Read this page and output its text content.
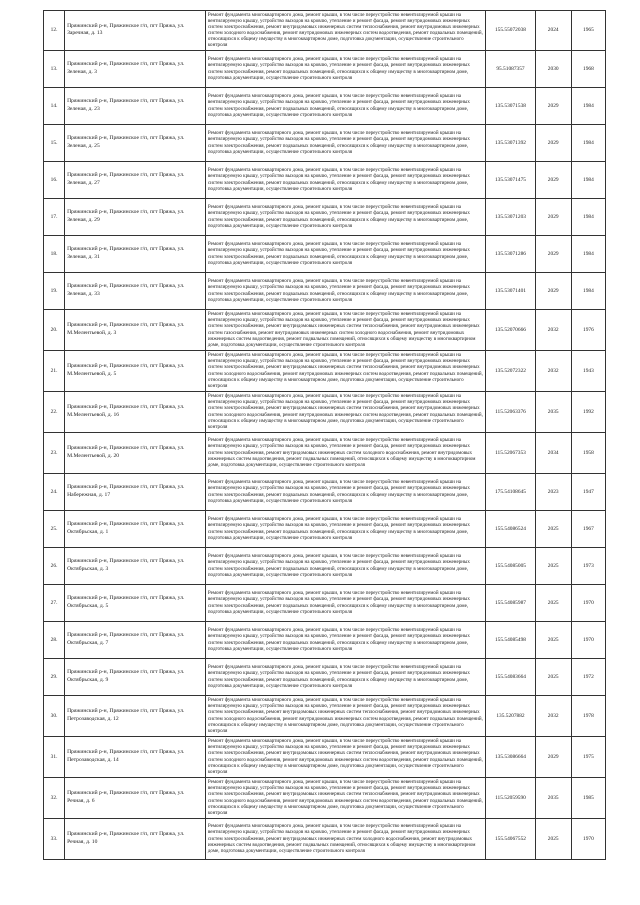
12.	Пряжинский р-н, Пряжинское г/п, пгт Пряжа, ул. Заречная, д. 13	Ремонт фундамента многоквартирного дома, ремонт крыши, в том числе переустройство невентилируемой крыши на вентилируемую крышу, устройство выходов на кровлю, утепление и ремонт фасада, ремонт внутридомовых инженерных систем электроснабжения, ремонт внутридомовых инженерных систем теплоснабжения, ремонт внутридомовых инженерных систем холодного водоснабжения, ремонт внутридомовых инженерных систем водоотведения, ремонт подвальных помещений, относящихся к общему имуществу в многоквартирном доме, подготовка документации, осуществление строительного контроля	155.55072038	2024	1965
13.	Пряжинский р-н, Пряжинское г/п, пгт Пряжа, ул. Зеленая, д. 3	Ремонт фундамента многоквартирного дома, ремонт крыши, в том числе переустройство невентилируемой крыши на вентилируемую крышу, устройство выходов на кровлю, утепление и ремонт фасада, ремонт внутридомовых инженерных систем электроснабжения, ремонт подвальных помещений, относящихся к общему имуществу в многоквартирном доме, подготовка документации, осуществление строительного контроля	95.51087357	2030	1968
14.	Пряжинский р-н, Пряжинское г/п, пгт Пряжа, ул. Зеленая, д. 23	Ремонт фундамента многоквартирного дома, ремонт крыши, в том числе переустройство невентилируемой крыши на вентилируемую крышу, устройство выходов на кровлю, утепление и ремонт фасада, ремонт внутридомовых инженерных систем электроснабжения, ремонт подвальных помещений, относящихся к общему имуществу в многоквартирном доме, подготовка документации, осуществление строительного контроля	135.53071538	2029	1984
15.	Пряжинский р-н, Пряжинское г/п, пгт Пряжа, ул. Зеленая, д. 25	Ремонт фундамента многоквартирного дома, ремонт крыши, в том числе переустройство невентилируемой крыши на вентилируемую крышу, устройство выходов на кровлю, утепление и ремонт фасада, ремонт внутридомовых инженерных систем электроснабжения, ремонт подвальных помещений, относящихся к общему имуществу в многоквартирном доме, подготовка документации, осуществление строительного контроля	135.53071392	2029	1984
16.	Пряжинский р-н, Пряжинское г/п, пгт Пряжа, ул. Зеленая, д. 27	Ремонт фундамента многоквартирного дома, ремонт крыши, в том числе переустройство невентилируемой крыши на вентилируемую крышу, устройство выходов на кровлю, утепление и ремонт фасада, ремонт внутридомовых инженерных систем электроснабжения, ремонт подвальных помещений, относящихся к общему имуществу в многоквартирном доме, подготовка документации, осуществление строительного контроля	135.53071475	2029	1984
17.	Пряжинский р-н, Пряжинское г/п, пгт Пряжа, ул. Зеленая, д. 29	Ремонт фундамента многоквартирного дома, ремонт крыши, в том числе переустройство невентилируемой крыши на вентилируемую крышу, устройство выходов на кровлю, утепление и ремонт фасада, ремонт внутридомовых инженерных систем электроснабжения, ремонт подвальных помещений, относящихся к общему имуществу в многоквартирном доме, подготовка документации, осуществление строительного контроля	135.53071203	2029	1984
18.	Пряжинский р-н, Пряжинское г/п, пгт Пряжа, ул. Зеленая, д. 31	Ремонт фундамента многоквартирного дома, ремонт крыши, в том числе переустройство невентилируемой крыши на вентилируемую крышу, устройство выходов на кровлю, утепление и ремонт фасада, ремонт внутридомовых инженерных систем электроснабжения, ремонт подвальных помещений, относящихся к общему имуществу в многоквартирном доме, подготовка документации, осуществление строительного контроля	135.53071286	2029	1984
19.	Пряжинский р-н, Пряжинское г/п, пгт Пряжа, ул. Зеленая, д. 33	Ремонт фундамента многоквартирного дома, ремонт крыши, в том числе переустройство невентилируемой крыши на вентилируемую крышу, устройство выходов на кровлю, утепление и ремонт фасада, ремонт внутридомовых инженерных систем электроснабжения, ремонт подвальных помещений, относящихся к общему имуществу в многоквартирном доме, подготовка документации, осуществление строительного контроля	135.53071401	2029	1984
20.	Пряжинский р-н, Пряжинское г/п, пгт Пряжа, ул. М.Мелентьевой, д. 3	Ремонт фундамента многоквартирного дома, ремонт крыши, в том числе переустройство невентилируемой крыши на вентилируемую крышу, устройство выходов на кровлю, утепление и ремонт фасада, ремонт внутридомовых инженерных систем электроснабжения, ремонт внутридомовых инженерных систем теплоснабжения, ремонт внутридомовых инженерных систем газоснабжения, ремонт внутридомовых инженерных систем холодного водоснабжения, ремонт внутридомовых инженерных систем водоотведения, ремонт подвальных помещений, относящихся к общему имуществу в многоквартирном доме, подготовка документации, осуществление строительного контроля	135.52070666	2032	1976
21.	Пряжинский р-н, Пряжинское г/п, пгт Пряжа, ул. М.Мелентьевой, д. 5	Ремонт фундамента многоквартирного дома, ремонт крыши, в том числе переустройство невентилируемой крыши на вентилируемую крышу, устройство выходов на кровлю, утепление и ремонт фасада, ремонт внутридомовых инженерных систем электроснабжения, ремонт внутридомовых инженерных систем теплоснабжения, ремонт внутридомовых инженерных систем холодного водоснабжения, ремонт внутридомовых инженерных систем водоотведения, ремонт подвальных помещений, относящихся к общему имуществу в многоквартирном доме, подготовка документации, осуществление строительного контроля	135.52072322	2032	1943
22.	Пряжинский р-н, Пряжинское г/п, пгт Пряжа, ул. М.Мелентьевой, д. 16	Ремонт фундамента многоквартирного дома, ремонт крыши, в том числе переустройство невентилируемой крыши на вентилируемую крышу, устройство выходов на кровлю, утепление и ремонт фасада, ремонт внутридомовых инженерных систем электроснабжения, ремонт внутридомовых инженерных систем теплоснабжения, ремонт внутридомовых инженерных систем холодного водоснабжения, ремонт внутридомовых инженерных систем водоотведения, ремонт подвальных помещений, относящихся к общему имуществу в многоквартирном доме, подготовка документации, осуществление строительного контроля	115.52063376	2035	1992
23.	Пряжинский р-н, Пряжинское г/п, пгт Пряжа, ул. М.Мелентьевой, д. 20	Ремонт фундамента многоквартирного дома, ремонт крыши, в том числе переустройство невентилируемой крыши на вентилируемую крышу, устройство выходов на кровлю, утепление и ремонт фасада, ремонт внутридомовых инженерных систем электроснабжения, ремонт внутридомовых инженерных систем холодного водоснабжения, ремонт внутридомовых инженерных систем водоотведения, ремонт подвальных помещений, относящихся к общему имуществу в многоквартирном доме, подготовка документации, осуществление строительного контроля	115.52067353	2034	1958
24.	Пряжинский р-н, Пряжинское г/п, пгт Пряжа, ул. Набережная, д. 17	Ремонт фундамента многоквартирного дома, ремонт крыши, в том числе переустройство невентилируемой крыши на вентилируемую крышу, устройство выходов на кровлю, утепление и ремонт фасада, ремонт внутридомовых инженерных систем электроснабжения, ремонт подвальных помещений, относящихся к общему имуществу в многоквартирном доме, подготовка документации, осуществление строительного контроля	175.54108645	2023	1947
25.	Пряжинский р-н, Пряжинское г/п, пгт Пряжа, ул. Октябрьская, д. 1	Ремонт фундамента многоквартирного дома, ремонт крыши, в том числе переустройство невентилируемой крыши на вентилируемую крышу, устройство выходов на кровлю, утепление и ремонт фасада, ремонт внутридомовых инженерных систем электроснабжения, ремонт подвальных помещений, относящихся к общему имуществу в многоквартирном доме, подготовка документации, осуществление строительного контроля	155.54086524	2025	1967
26.	Пряжинский р-н, Пряжинское г/п, пгт Пряжа, ул. Октябрьская, д. 3	Ремонт фундамента многоквартирного дома, ремонт крыши, в том числе переустройство невентилируемой крыши на вентилируемую крышу, устройство выходов на кровлю, утепление и ремонт фасада, ремонт внутридомовых инженерных систем электроснабжения, ремонт подвальных помещений, относящихся к общему имуществу в многоквартирном доме, подготовка документации, осуществление строительного контроля	155.54085005	2025	1973
27.	Пряжинский р-н, Пряжинское г/п, пгт Пряжа, ул. Октябрьская, д. 5	Ремонт фундамента многоквартирного дома, ремонт крыши, в том числе переустройство невентилируемой крыши на вентилируемую крышу, устройство выходов на кровлю, утепление и ремонт фасада, ремонт внутридомовых инженерных систем электроснабжения, ремонт подвальных помещений, относящихся к общему имуществу в многоквартирном доме, подготовка документации, осуществление строительного контроля	155.54085987	2025	1970
28.	Пряжинский р-н, Пряжинское г/п, пгт Пряжа, ул. Октябрьская, д. 7	Ремонт фундамента многоквартирного дома, ремонт крыши, в том числе переустройство невентилируемой крыши на вентилируемую крышу, устройство выходов на кровлю, утепление и ремонт фасада, ремонт внутридомовых инженерных систем электроснабжения, ремонт подвальных помещений, относящихся к общему имуществу в многоквартирном доме, подготовка документации, осуществление строительного контроля	155.54085498	2025	1970
29.	Пряжинский р-н, Пряжинское г/п, пгт Пряжа, ул. Октябрьская, д. 9	Ремонт фундамента многоквартирного дома, ремонт крыши, в том числе переустройство невентилируемой крыши на вентилируемую крышу, устройство выходов на кровлю, утепление и ремонт фасада, ремонт внутридомовых инженерных систем электроснабжения, ремонт подвальных помещений, относящихся к общему имуществу в многоквартирном доме, подготовка документации, осуществление строительного контроля	155.54083664	2025	1972
30.	Пряжинский р-н, Пряжинское г/п, пгт Пряжа, ул. Петрозаводская, д. 12	Ремонт фундамента многоквартирного дома, ремонт крыши, в том числе переустройство невентилируемой крыши на вентилируемую крышу, устройство выходов на кровлю, утепление и ремонт фасада, ремонт внутридомовых инженерных систем электроснабжения, ремонт внутридомовых инженерных систем теплоснабжения, ремонт внутридомовых инженерных систем холодного водоснабжения, ремонт внутридомовых инженерных систем водоотведения, ремонт подвальных помещений, относящихся к общему имуществу в многоквартирном доме, подготовка документации, осуществление строительного контроля	135.5207882	2032	1978
31.	Пряжинский р-н, Пряжинское г/п, пгт Пряжа, ул. Петрозаводская, д. 14	Ремонт фундамента многоквартирного дома, ремонт крыши, в том числе переустройство невентилируемой крыши на вентилируемую крышу, устройство выходов на кровлю, утепление и ремонт фасада, ремонт внутридомовых инженерных систем электроснабжения, ремонт внутридомовых инженерных систем теплоснабжения, ремонт внутридомовых инженерных систем холодного водоснабжения, ремонт внутридомовых инженерных систем водоотведения, ремонт подвальных помещений, относящихся к общему имуществу в многоквартирном доме, подготовка документации, осуществление строительного контроля	135.53086664	2029	1975
32.	Пряжинский р-н, Пряжинское г/п, пгт Пряжа, ул. Речная, д. 6	Ремонт фундамента многоквартирного дома, ремонт крыши, в том числе переустройство невентилируемой крыши на вентилируемую крышу, устройство выходов на кровлю, утепление и ремонт фасада, ремонт внутридомовых инженерных систем электроснабжения, ремонт внутридомовых инженерных систем теплоснабжения, ремонт внутридомовых инженерных систем холодного водоснабжения, ремонт внутридомовых инженерных систем водоотведения, ремонт подвальных помещений, относящихся к общему имуществу в многоквартирном доме, подготовка документации, осуществление строительного контроля	115.52059590	2035	1985
33.	Пряжинский р-н, Пряжинское г/п, пгт Пряжа, ул. Речная, д. 10	Ремонт фундамента многоквартирного дома, ремонт крыши, в том числе переустройство невентилируемой крыши на вентилируемую крышу, устройство выходов на кровлю, утепление и ремонт фасада, ремонт внутридомовых инженерных систем электроснабжения, ремонт внутридомовых инженерных систем холодного водоснабжения, ремонт внутридомовых инженерных систем водоотведения, ремонт подвальных помещений, относящихся к общему имуществу в многоквартирном доме, подготовка документации, осуществление строительного контроля	155.54067552	2025	1970
